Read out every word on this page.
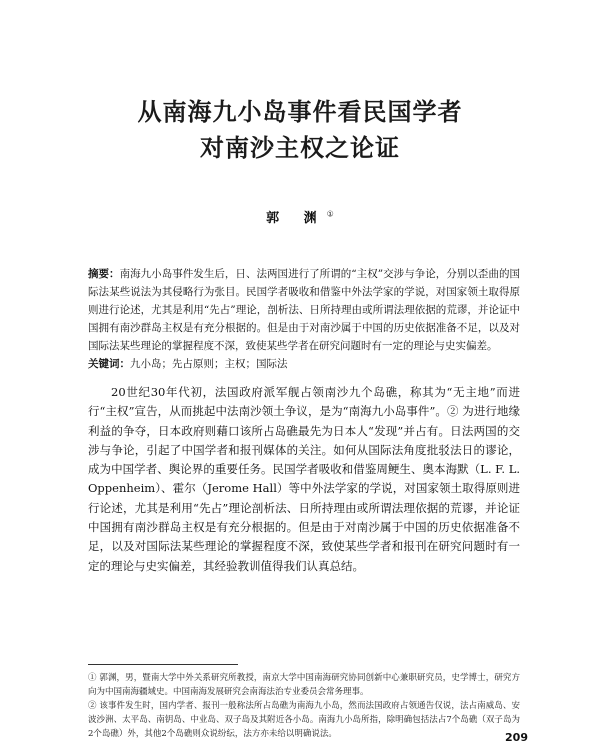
从南海九小岛事件看民国学者
对南沙主权之论证
郭 渊①
摘要：南海九小岛事件发生后，日、法两国进行了所谓的“主权”交涉与争论，分别以歪曲的国际法某些说法为其侵略行为张目。民国学者吸收和借鉴中外法学家的学说，对国家领土取得原则进行论述，尤其是利用“先占”理论，剖析法、日所持理由或所谓法理依据的荒谬，并论证中国拥有南沙群岛主权是有充分根据的。但是由于对南沙属于中国的历史依据准备不足，以及对国际法某些理论的掌握程度不深，致使某些学者在研究问题时有一定的理论与史实偏差。
关键词：九小岛；先占原则；主权；国际法

20世纪30年代初，法国政府派军舰占领南沙九个岛礁，称其为“无主地”而进行“主权”宣告，从而挑起中法南沙领土争议，是为“南海九小岛事件”。② 为进行地缘利益的争夺，日本政府则藉口该所占岛礁最先为日本人“发现”并占有。日法两国的交涉与争论，引起了中国学者和报刊媒体的关注。如何从国际法角度批驳法日的谬论，成为中国学者、舆论界的重要任务。民国学者吸收和借鉴周鲠生、奥本海默（L. F. L. Oppenheim）、霍尔（Jerome Hall）等中外法学家的学说，对国家领土取得原则进行论述，尤其是利用“先占”理论剖析法、日所持理由或所谓法理依据的荒谬，并论证中国拥有南沙群岛主权是有充分根据的。但是由于对南沙属于中国的历史依据准备不足，以及对国际法某些理论的掌握程度不深，致使某些学者和报刊在研究问题时有一定的理论与史实偏差，其经验教训值得我们认真总结。

① 郭渊，男，暨南大学中外关系研究所教授，南京大学中国南海研究协同创新中心兼职研究员，史学博士，研究方向为中国南海疆域史。中国南海发展研究会南海法治专业委员会常务理事。

② 该事件发生时，国内学者、报刊一般称法所占岛礁为南海九小岛，然而法国政府占领通告仅说，法占南威岛、安波沙洲、太平岛、南钥岛、中业岛、双子岛及其附近各小岛。南海九小岛所指，除明确包括法占7个岛礁（双子岛为2个岛礁）外，其他2个岛礁则众说纷纭，法方亦未给以明确说法。	209
